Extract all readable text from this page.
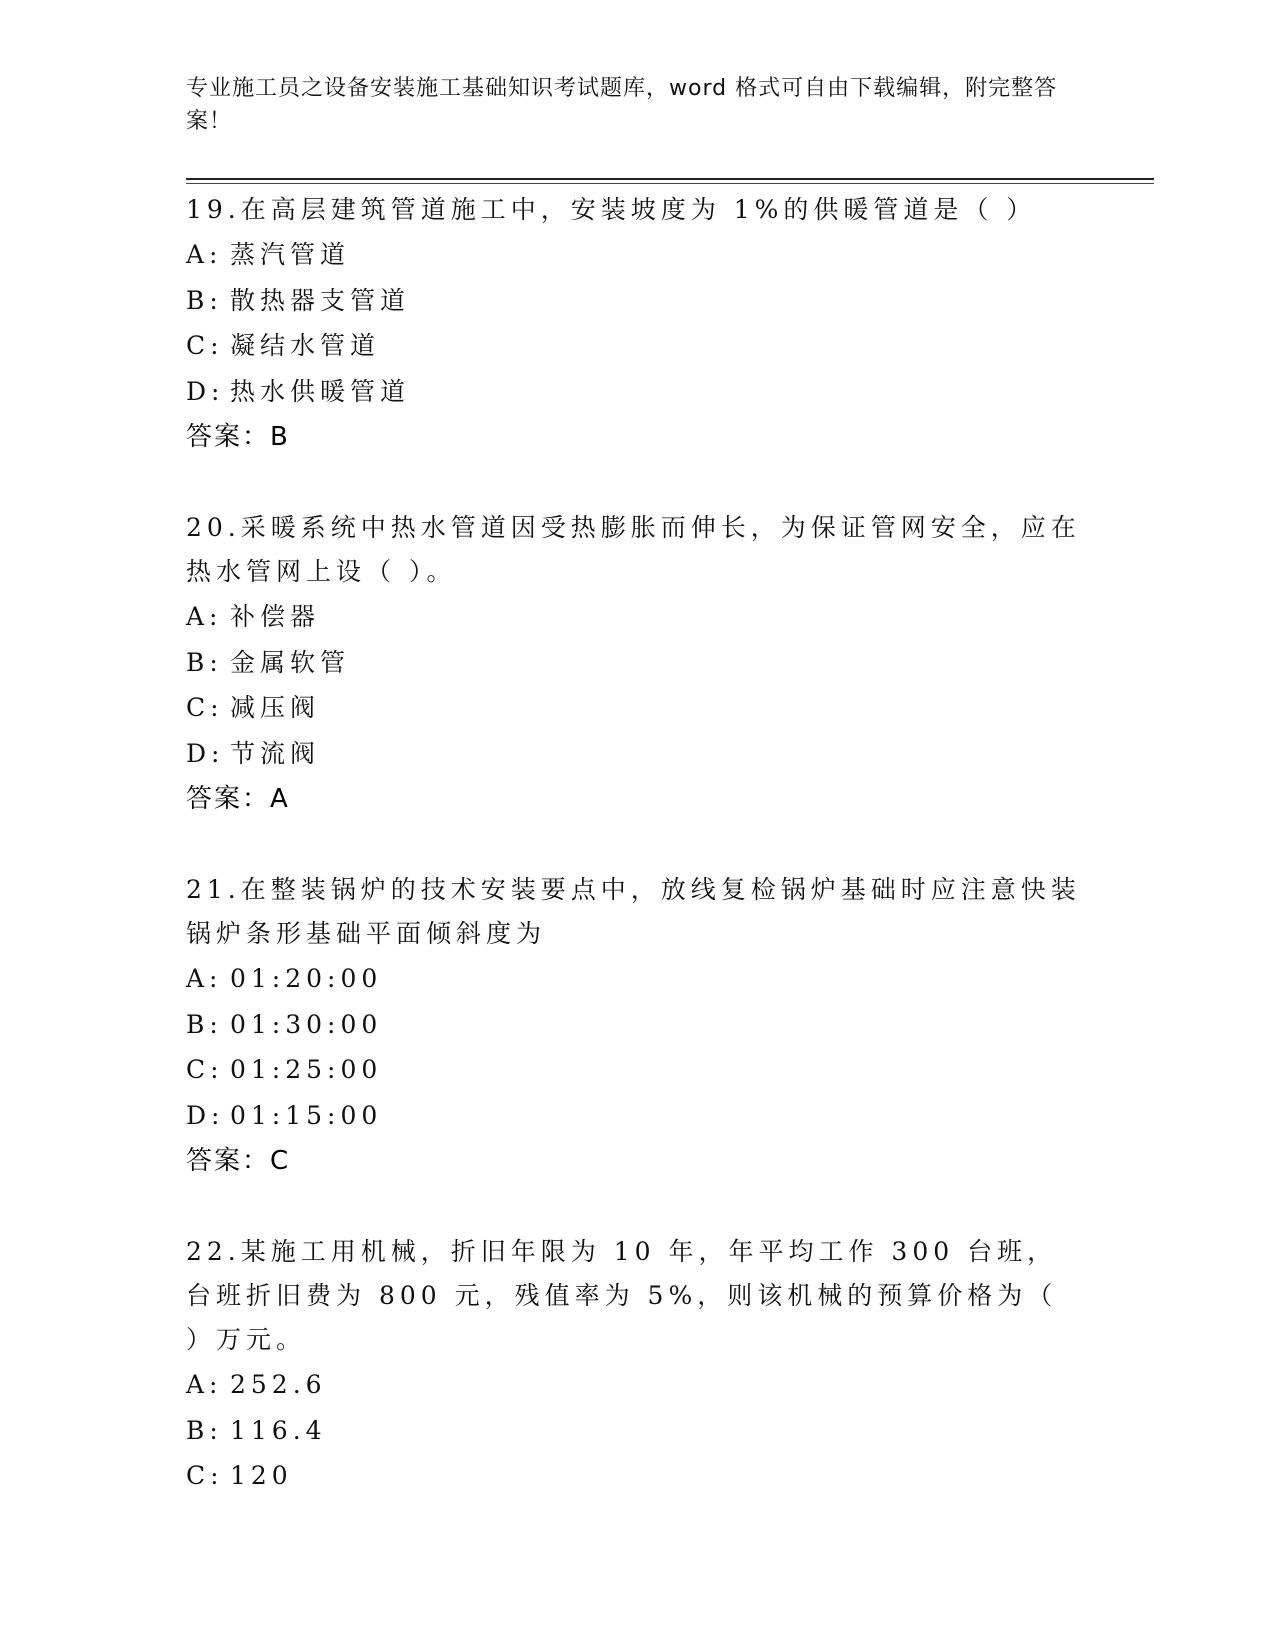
专业施工员之设备安装施工基础知识考试题库，word 格式可自由下载编辑，附完整答案！

19.在高层建筑管道施工中，安装坡度为 1%的供暖管道是（ ）

A: 蒸汽管道

B: 散热器支管道

C: 凝结水管道

D: 热水供暖管道

答案：B

20.采暖系统中热水管道因受热膨胀而伸长，为保证管网安全，应在热水管网上设（ ）。

A: 补偿器

B: 金属软管

C: 减压阀

D: 节流阀

答案：A

21.在整装锅炉的技术安装要点中，放线复检锅炉基础时应注意快装锅炉条形基础平面倾斜度为

A: 01:20:00

B: 01:30:00

C: 01:25:00

D: 01:15:00

答案：C

22.某施工用机械，折旧年限为 10 年，年平均工作 300 台班，台班折旧费为 800 元，残值率为 5%，则该机械的预算价格为（ ）万元。

A: 252.6

B: 116.4

C: 120
